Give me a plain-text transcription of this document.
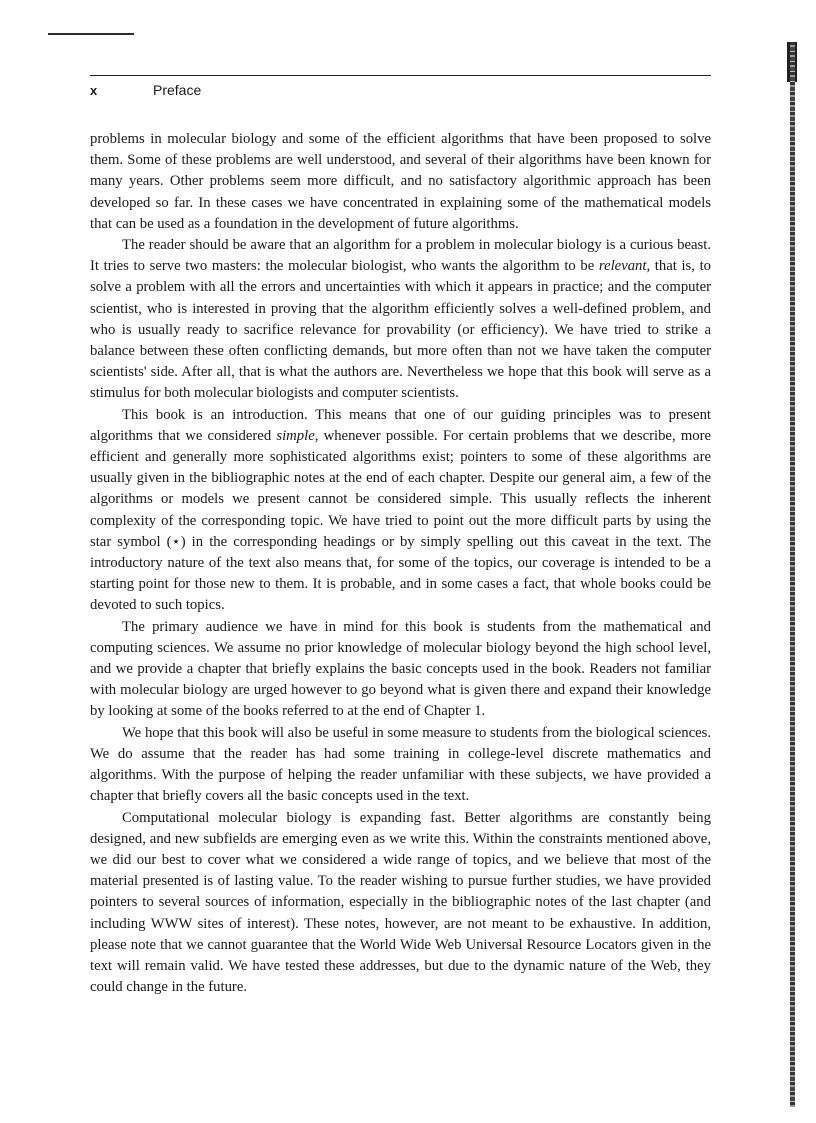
x	Preface

problems in molecular biology and some of the efficient algorithms that have been proposed to solve them. Some of these problems are well understood, and several of their algorithms have been known for many years. Other problems seem more difficult, and no satisfactory algorithmic approach has been developed so far. In these cases we have concentrated in explaining some of the mathematical models that can be used as a foundation in the development of future algorithms.

The reader should be aware that an algorithm for a problem in molecular biology is a curious beast. It tries to serve two masters: the molecular biologist, who wants the algorithm to be relevant, that is, to solve a problem with all the errors and uncertainties with which it appears in practice; and the computer scientist, who is interested in proving that the algorithm efficiently solves a well-defined problem, and who is usually ready to sacrifice relevance for provability (or efficiency). We have tried to strike a balance between these often conflicting demands, but more often than not we have taken the computer scientists' side. After all, that is what the authors are. Nevertheless we hope that this book will serve as a stimulus for both molecular biologists and computer scientists.

This book is an introduction. This means that one of our guiding principles was to present algorithms that we considered simple, whenever possible. For certain problems that we describe, more efficient and generally more sophisticated algorithms exist; pointers to some of these algorithms are usually given in the bibliographic notes at the end of each chapter. Despite our general aim, a few of the algorithms or models we present cannot be considered simple. This usually reflects the inherent complexity of the corresponding topic. We have tried to point out the more difficult parts by using the star symbol (⋆) in the corresponding headings or by simply spelling out this caveat in the text. The introductory nature of the text also means that, for some of the topics, our coverage is intended to be a starting point for those new to them. It is probable, and in some cases a fact, that whole books could be devoted to such topics.

The primary audience we have in mind for this book is students from the mathematical and computing sciences. We assume no prior knowledge of molecular biology beyond the high school level, and we provide a chapter that briefly explains the basic concepts used in the book. Readers not familiar with molecular biology are urged however to go beyond what is given there and expand their knowledge by looking at some of the books referred to at the end of Chapter 1.

We hope that this book will also be useful in some measure to students from the biological sciences. We do assume that the reader has had some training in college-level discrete mathematics and algorithms. With the purpose of helping the reader unfamiliar with these subjects, we have provided a chapter that briefly covers all the basic concepts used in the text.

Computational molecular biology is expanding fast. Better algorithms are constantly being designed, and new subfields are emerging even as we write this. Within the constraints mentioned above, we did our best to cover what we considered a wide range of topics, and we believe that most of the material presented is of lasting value. To the reader wishing to pursue further studies, we have provided pointers to several sources of information, especially in the bibliographic notes of the last chapter (and including WWW sites of interest). These notes, however, are not meant to be exhaustive. In addition, please note that we cannot guarantee that the World Wide Web Universal Resource Locators given in the text will remain valid. We have tested these addresses, but due to the dynamic nature of the Web, they could change in the future.
